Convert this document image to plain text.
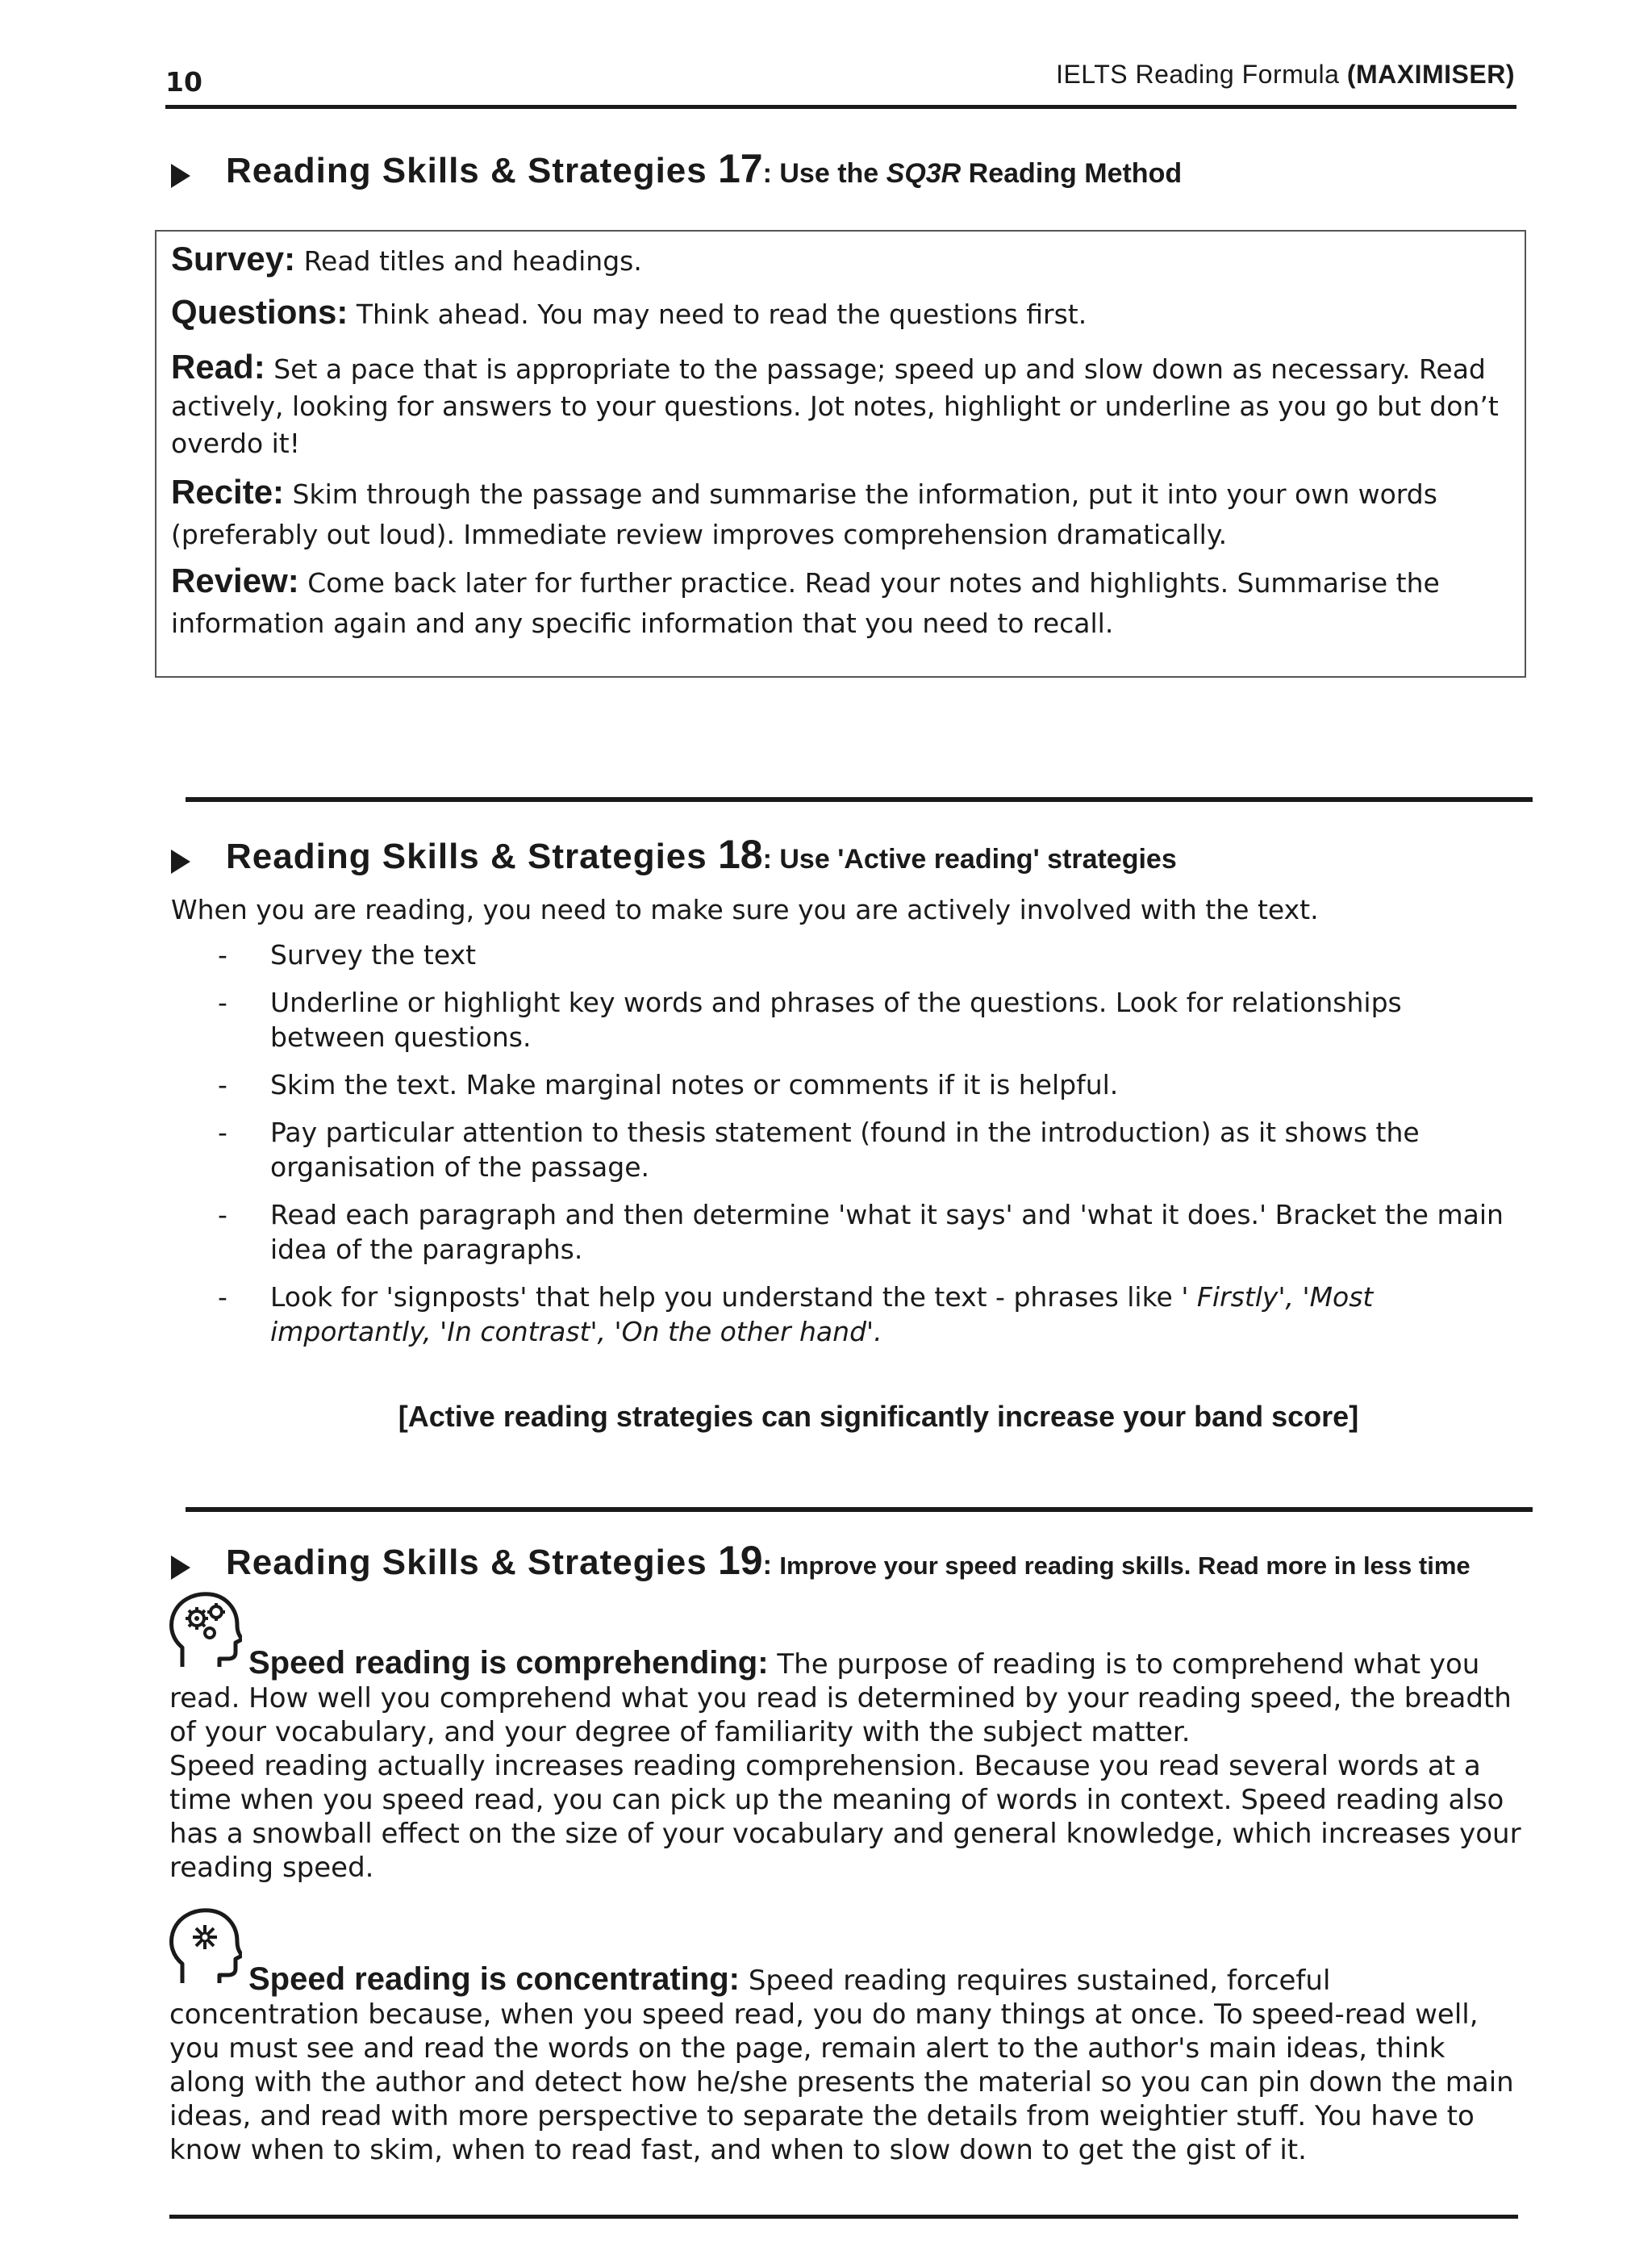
10	IELTS Reading Formula (MAXIMISER)
Reading Skills & Strategies 17: Use the SQ3R Reading Method

Survey: Read titles and headings.

Questions: Think ahead. You may need to read the questions first.

Read: Set a pace that is appropriate to the passage; speed up and slow down as necessary. Read actively, looking for answers to your questions. Jot notes, highlight or underline as you go but don’t overdo it!

Recite: Skim through the passage and summarise the information, put it into your own words (preferably out loud). Immediate review improves comprehension dramatically.

Review: Come back later for further practice. Read your notes and highlights. Summarise the information again and any specific information that you need to recall.

Reading Skills & Strategies 18: Use 'Active reading' strategies
When you are reading, you need to make sure you are actively involved with the text.
- Survey the text
- Underline or highlight key words and phrases of the questions. Look for relationships between questions.
- Skim the text. Make marginal notes or comments if it is helpful.
- Pay particular attention to thesis statement (found in the introduction) as it shows the organisation of the passage.
- Read each paragraph and then determine 'what it says' and 'what it does.' Bracket the main idea of the paragraphs.
- Look for 'signposts' that help you understand the text - phrases like ' Firstly', 'Most importantly, 'In contrast', 'On the other hand'.
[Active reading strategies can significantly increase your band score]
Reading Skills & Strategies 19: Improve your speed reading skills. Read more in less time

Speed reading is comprehending: The purpose of reading is to comprehend what you read. How well you comprehend what you read is determined by your reading speed, the breadth of your vocabulary, and your degree of familiarity with the subject matter.
Speed reading actually increases reading comprehension. Because you read several words at a time when you speed read, you can pick up the meaning of words in context. Speed reading also has a snowball effect on the size of your vocabulary and general knowledge, which increases your reading speed.

Speed reading is concentrating: Speed reading requires sustained, forceful concentration because, when you speed read, you do many things at once. To speed-read well, you must see and read the words on the page, remain alert to the author's main ideas, think along with the author and detect how he/she presents the material so you can pin down the main ideas, and read with more perspective to separate the details from weightier stuff. You have to know when to skim, when to read fast, and when to slow down to get the gist of it.
